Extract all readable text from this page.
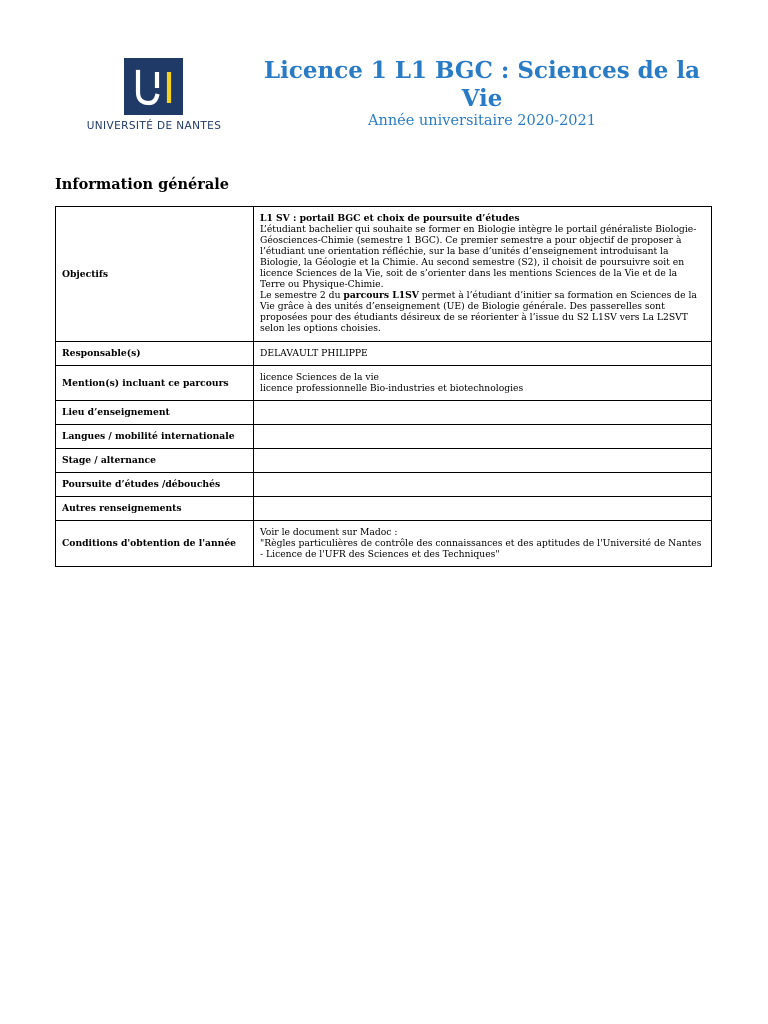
UNIVERSITÉ DE NANTES
Licence 1 L1 BGC : Sciences de la Vie
Année universitaire 2020-2021
Information générale
Objectifs	L1 SV : portail BGC et choix de poursuite d’études

L’étudiant bachelier qui souhaite se former en Biologie intègre le portail généraliste Biologie-Géosciences-Chimie (semestre 1 BGC). Ce premier semestre a pour objectif de proposer à l’étudiant une orientation réfléchie, sur la base d’unités d’enseignement introduisant la Biologie, la Géologie et la Chimie. Au second semestre (S2), il choisit de poursuivre soit en licence Sciences de la Vie, soit de s’orienter dans les mentions Sciences de la Vie et de la Terre ou Physique-Chimie.

Le semestre 2 du parcours L1SV permet à l’étudiant d’initier sa formation en Sciences de la Vie grâce à des unités d’enseignement (UE) de Biologie générale. Des passerelles sont proposées pour des étudiants désireux de se réorienter à l’issue du S2 L1SV vers La L2SVT selon les options choisies.

Responsable(s)	DELAVAULT PHILIPPE
Mention(s) incluant ce parcours	licence Sciences de la vie
licence professionnelle Bio-industries et biotechnologies

Lieu d’enseignement	
Langues / mobilité internationale	
Stage / alternance	
Poursuite d’études /débouchés	
Autres renseignements	
Conditions d'obtention de l'année	Voir le document sur Madoc :
"Règles particulières de contrôle des connaissances et des aptitudes de l'Université de Nantes - Licence de l'UFR des Sciences et des Techniques"
